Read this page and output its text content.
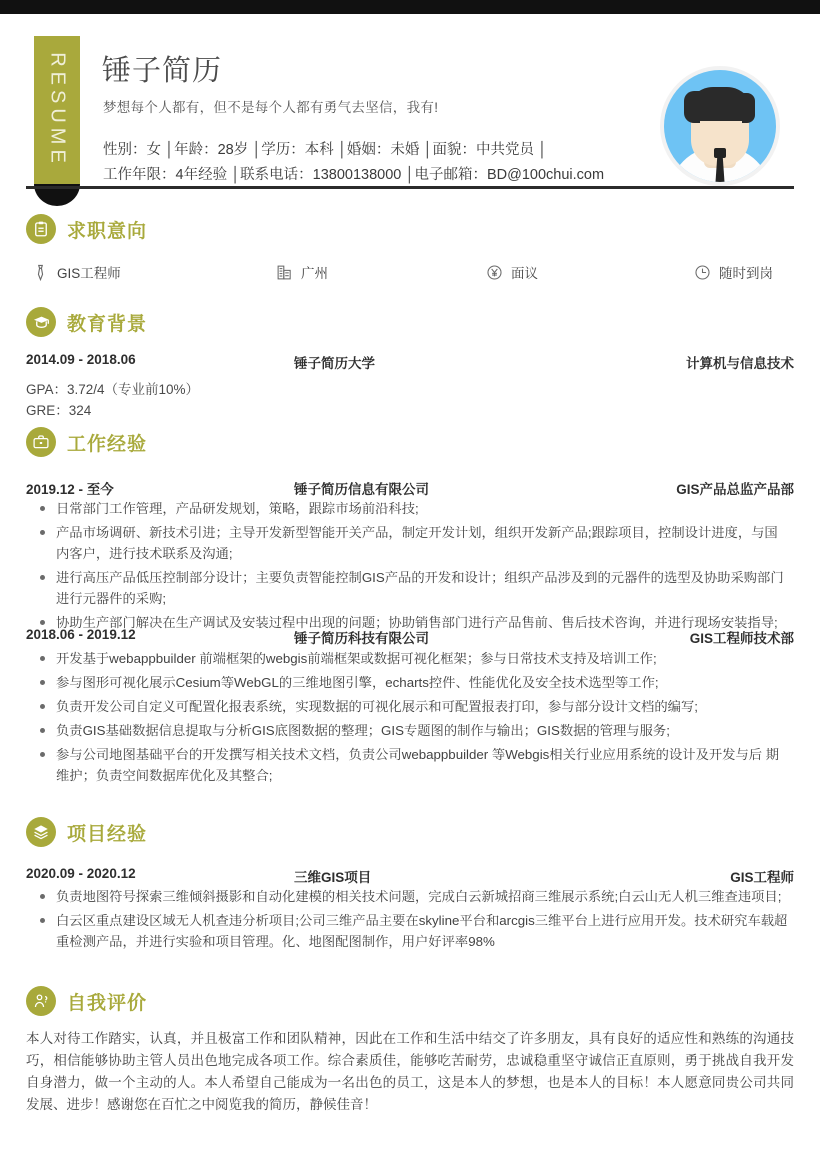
RESUME 锤子简历
梦想每个人都有，但不是每个人都有勇气去坚信，我有!
性别：女 │年龄：28岁 │学历：本科 │婚姻：未婚 │面貌：中共党员 │
工作年限：4年经验 │联系电话：13800138000 │电子邮箱：BD@100chui.com
求职意向
GIS工程师	广州	面议	随时到岗
教育背景
2014.09 - 2018.06	锤子简历大学	计算机与信息技术
GPA：3.72/4（专业前10%）
GRE：324
工作经验
2019.12 - 至今	锤子简历信息有限公司	GIS产品总监产品部
日常部门工作管理，产品研发规划，策略，跟踪市场前沿科技;
产品市场调研、新技术引进；主导开发新型智能开关产品，制定开发计划，组织开发新产品;跟踪项目，控制设计进度，与国内客户，进行技术联系及沟通;
进行高压产品低压控制部分设计；主要负责智能控制GIS产品的开发和设计；组织产品涉及到的元器件的选型及协助采购部门进行元器件的采购;
协助生产部门解决在生产调试及安装过程中出现的问题；协助销售部门进行产品售前、售后技术咨询，并进行现场安装指导;
2018.06 - 2019.12	锤子简历科技有限公司	GIS工程师技术部
开发基于webappbuilder 前端框架的webgis前端框架或数据可视化框架；参与日常技术支持及培训工作;
参与图形可视化展示Cesium等WebGL的三维地图引擎，echarts控件、性能优化及安全技术选型等工作;
负责开发公司自定义可配置化报表系统，实现数据的可视化展示和可配置报表打印，参与部分设计文档的编写;
负责GIS基础数据信息提取与分析GIS底图数据的整理；GIS专题图的制作与输出；GIS数据的管理与服务;
参与公司地图基础平台的开发撰写相关技术文档，负责公司webappbuilder 等Webgis相关行业应用系统的设计及开发与后 期维护；负责空间数据库优化及其整合;
项目经验
2020.09 - 2020.12	三维GIS项目	GIS工程师
负责地图符号探索三维倾斜摄影和自动化建模的相关技术问题，完成白云新城招商三维展示系统;白云山无人机三维查违项目;
白云区重点建设区域无人机查违分析项目;公司三维产品主要在skyline平台和arcgis三维平台上进行应用开发。技术研究车载超重检测产品，并进行实验和项目管理。化、地图配图制作，用户好评率98%
自我评价
本人对待工作踏实，认真，并且极富工作和团队精神，因此在工作和生活中结交了许多朋友，具有良好的适应性和熟练的沟通技巧，相信能够协助主管人员出色地完成各项工作。综合素质佳，能够吃苦耐劳，忠诚稳重坚守诚信正直原则，勇于挑战自我开发自身潜力，做一个主动的人。本人希望自己能成为一名出色的员工，这是本人的梦想，也是本人的目标！本人愿意同贵公司共同发展、进步！感谢您在百忙之中阅览我的简历，静候佳音！
